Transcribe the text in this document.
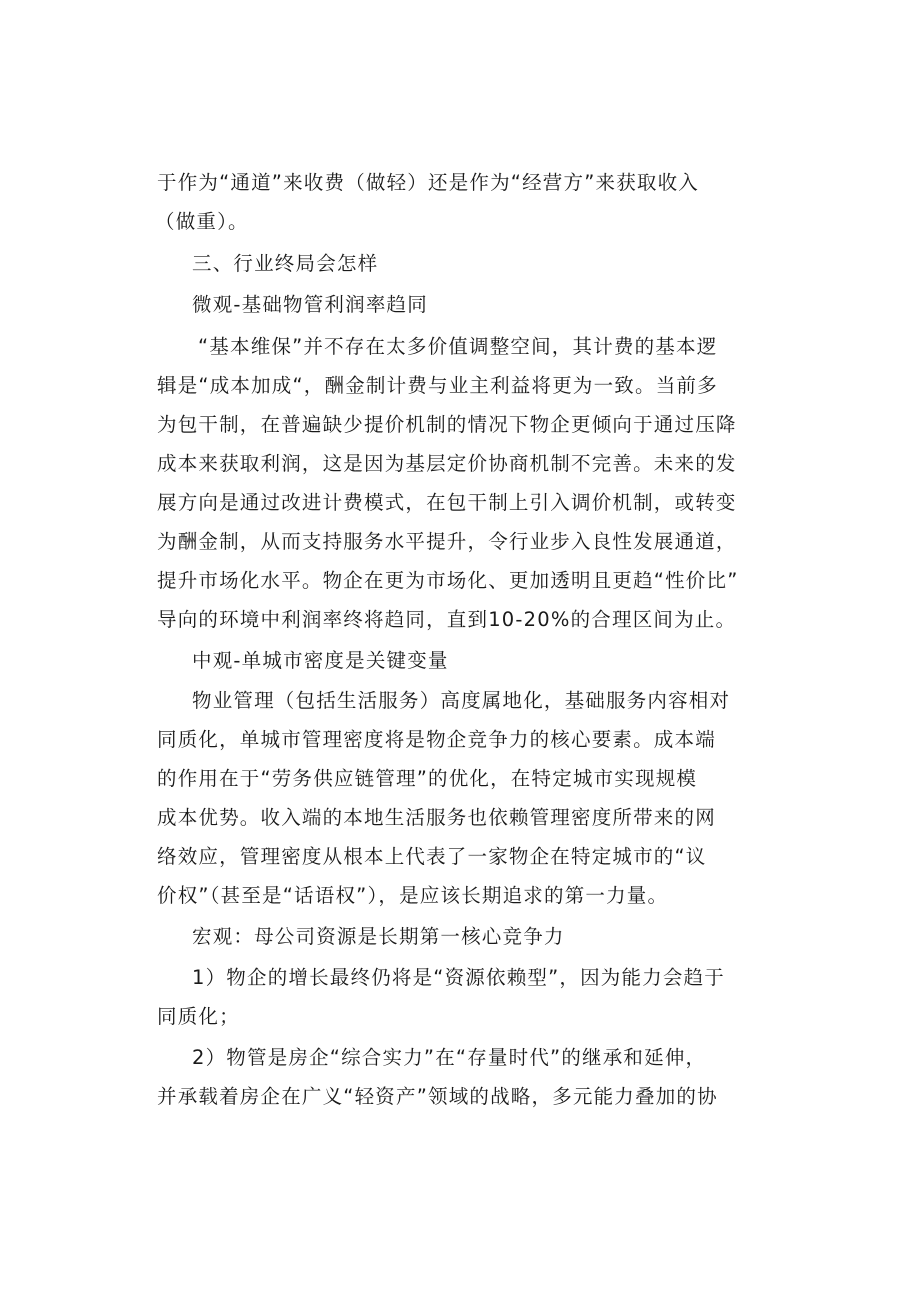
于作为“通道”来收费（做轻）还是作为“经营方”来获取收入
（做重）。
三、行业终局会怎样
微观-基础物管利润率趋同
“基本维保”并不存在太多价值调整空间，其计费的基本逻
辑是“成本加成“，酬金制计费与业主利益将更为一致。当前多
为包干制，在普遍缺少提价机制的情况下物企更倾向于通过压降
成本来获取利润，这是因为基层定价协商机制不完善。未来的发
展方向是通过改进计费模式，在包干制上引入调价机制，或转变
为酬金制，从而支持服务水平提升，令行业步入良性发展通道，
提升市场化水平。物企在更为市场化、更加透明且更趋“性价比”
导向的环境中利润率终将趋同，直到10-20%的合理区间为止。
中观-单城市密度是关键变量
物业管理（包括生活服务）高度属地化，基础服务内容相对
同质化，单城市管理密度将是物企竞争力的核心要素。成本端
的作用在于“劳务供应链管理”的优化，在特定城市实现规模
成本优势。收入端的本地生活服务也依赖管理密度所带来的网
络效应，管理密度从根本上代表了一家物企在特定城市的“议
价权”（甚至是“话语权”），是应该长期追求的第一力量。
宏观：母公司资源是长期第一核心竞争力
1）物企的增长最终仍将是“资源依赖型”，因为能力会趋于
同质化；
2）物管是房企“综合实力”在“存量时代”的继承和延伸，
并承载着房企在广义“轻资产”领域的战略，多元能力叠加的协
